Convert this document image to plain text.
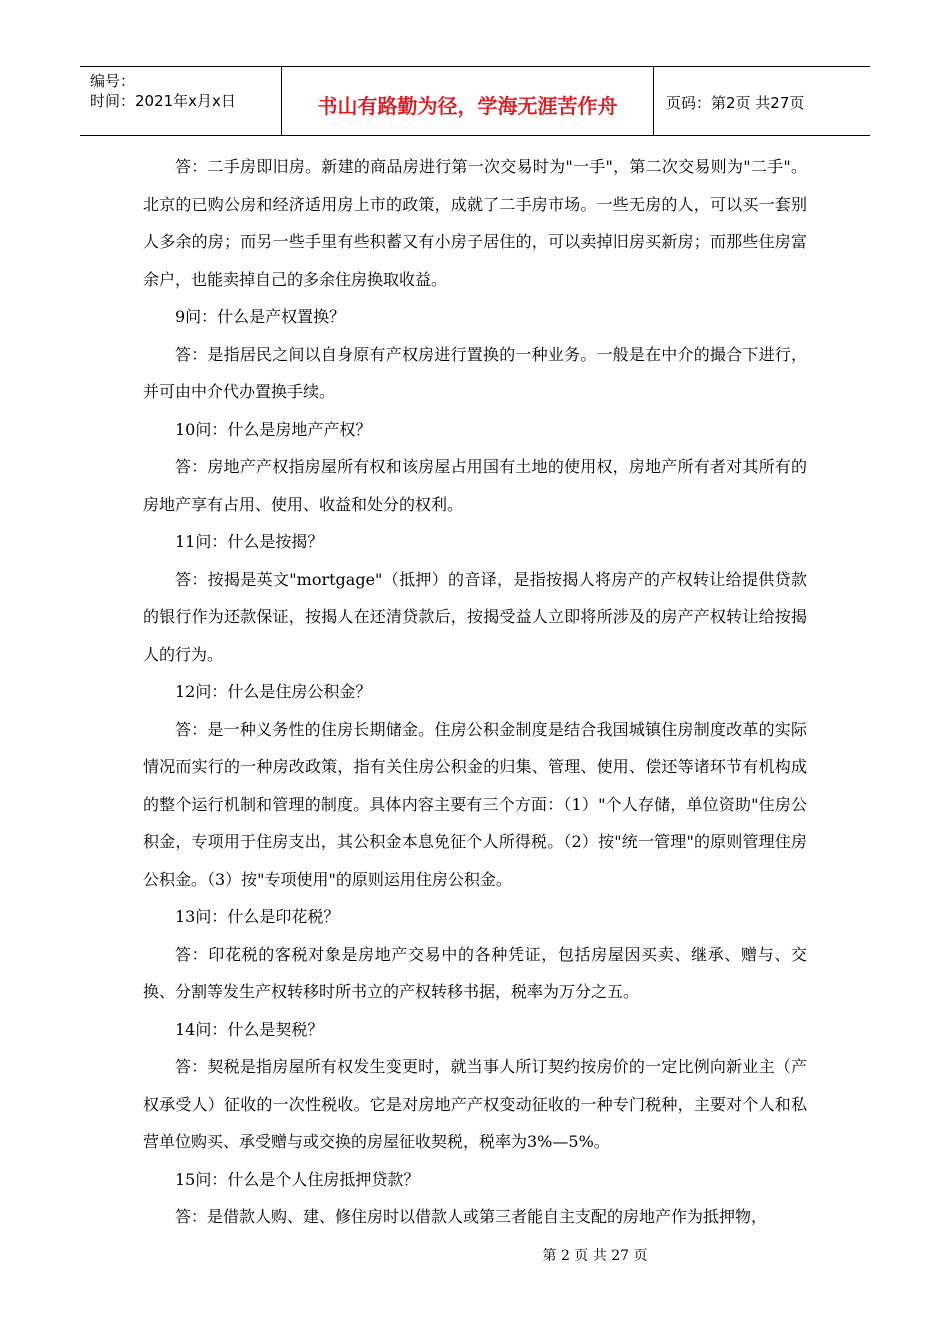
编号：
时间：2021年x月x日	书山有路勤为径，学海无涯苦作舟	页码：第2页 共27页

答：二手房即旧房。新建的商品房进行第一次交易时为"一手"，第二次交易则为"二手"。北京的已购公房和经济适用房上市的政策，成就了二手房市场。一些无房的人，可以买一套别人多余的房；而另一些手里有些积蓄又有小房子居住的，可以卖掉旧房买新房；而那些住房富余户，也能卖掉自己的多余住房换取收益。

9问：什么是产权置换？

答：是指居民之间以自身原有产权房进行置换的一种业务。一般是在中介的撮合下进行，并可由中介代办置换手续。

10问：什么是房地产产权？

答：房地产产权指房屋所有权和该房屋占用国有土地的使用权，房地产所有者对其所有的房地产享有占用、使用、收益和处分的权利。

11问：什么是按揭？

答：按揭是英文"mortgage"（抵押）的音译，是指按揭人将房产的产权转让给提供贷款的银行作为还款保证，按揭人在还清贷款后，按揭受益人立即将所涉及的房产产权转让给按揭人的行为。

12问：什么是住房公积金？

答：是一种义务性的住房长期储金。住房公积金制度是结合我国城镇住房制度改革的实际情况而实行的一种房改政策，指有关住房公积金的归集、管理、使用、偿还等诸环节有机构成的整个运行机制和管理的制度。具体内容主要有三个方面：（1）"个人存储，单位资助"住房公积金，专项用于住房支出，其公积金本息免征个人所得税。（2）按"统一管理"的原则管理住房公积金。（3）按"专项使用"的原则运用住房公积金。

13问：什么是印花税？

答：印花税的客税对象是房地产交易中的各种凭证，包括房屋因买卖、继承、赠与、交换、分割等发生产权转移时所书立的产权转移书据，税率为万分之五。

14问：什么是契税？

答：契税是指房屋所有权发生变更时，就当事人所订契约按房价的一定比例向新业主（产权承受人）征收的一次性税收。它是对房地产产权变动征收的一种专门税种，主要对个人和私营单位购买、承受赠与或交换的房屋征收契税，税率为3%—5%。

15问：什么是个人住房抵押贷款？

答：是借款人购、建、修住房时以借款人或第三者能自主支配的房地产作为抵押物，

第 2 页 共 27 页
